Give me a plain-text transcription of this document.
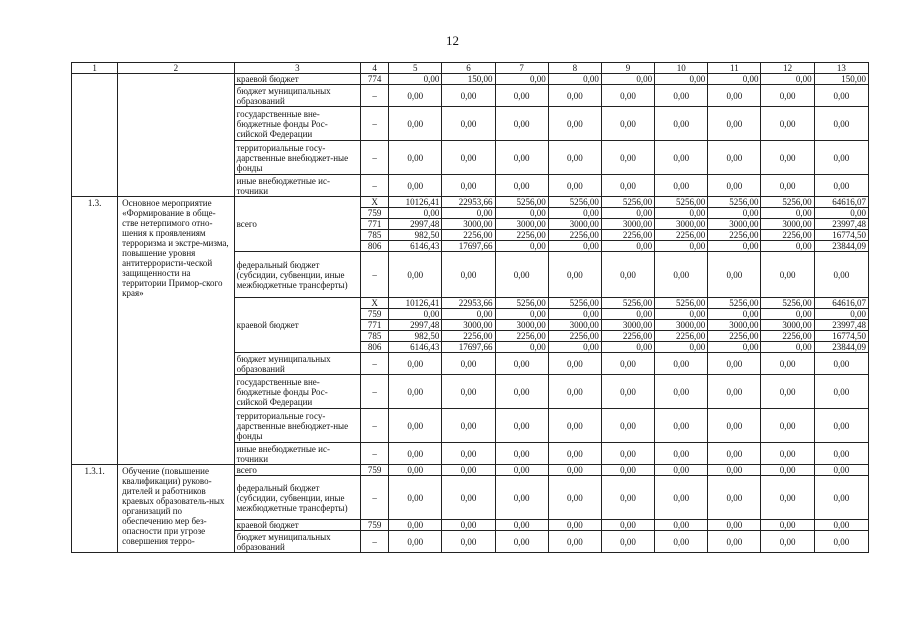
12
1	2	3	4	5	6	7	8	9	10	11	12	13
		краевой бюджет	774	0,00	150,00	0,00	0,00	0,00	0,00	0,00	0,00	150,00
		бюджет муниципальных образований	–	0,00	0,00	0,00	0,00	0,00	0,00	0,00	0,00	0,00
		государственные вне-бюджетные фонды Рос-сийской Федерации	–	0,00	0,00	0,00	0,00	0,00	0,00	0,00	0,00	0,00
		территориальные госу-дарственные внебюджет-ные фонды	–	0,00	0,00	0,00	0,00	0,00	0,00	0,00	0,00	0,00
		иные внебюджетные ис-точники	–	0,00	0,00	0,00	0,00	0,00	0,00	0,00	0,00	0,00
1.3.	Основное мероприятие «Формирование в обще-стве нетерпимого отно-шения к проявлениям терроризма и экстре-мизма, повышение уровня антитеррористи-ческой защищенности на территории Примор-ского края»	всего	X	10126,41	22953,66	5256,00	5256,00	5256,00	5256,00	5256,00	5256,00	64616,07
			759	0,00	0,00	0,00	0,00	0,00	0,00	0,00	0,00	0,00
			771	2997,48	3000,00	3000,00	3000,00	3000,00	3000,00	3000,00	3000,00	23997,48
			785	982,50	2256,00	2256,00	2256,00	2256,00	2256,00	2256,00	2256,00	16774,50
			806	6146,43	17697,66	0,00	0,00	0,00	0,00	0,00	0,00	23844,09
		федеральный бюджет (субсидии, субвенции, иные межбюджетные трансферты)	–	0,00	0,00	0,00	0,00	0,00	0,00	0,00	0,00	0,00
		краевой бюджет	X	10126,41	22953,66	5256,00	5256,00	5256,00	5256,00	5256,00	5256,00	64616,07
			759	0,00	0,00	0,00	0,00	0,00	0,00	0,00	0,00	0,00
			771	2997,48	3000,00	3000,00	3000,00	3000,00	3000,00	3000,00	3000,00	23997,48
			785	982,50	2256,00	2256,00	2256,00	2256,00	2256,00	2256,00	2256,00	16774,50
			806	6146,43	17697,66	0,00	0,00	0,00	0,00	0,00	0,00	23844,09
		бюджет муниципальных образований	–	0,00	0,00	0,00	0,00	0,00	0,00	0,00	0,00	0,00
		государственные вне-бюджетные фонды Рос-сийской Федерации	–	0,00	0,00	0,00	0,00	0,00	0,00	0,00	0,00	0,00
		территориальные госу-дарственные внебюджет-ные фонды	–	0,00	0,00	0,00	0,00	0,00	0,00	0,00	0,00	0,00
		иные внебюджетные ис-точники	–	0,00	0,00	0,00	0,00	0,00	0,00	0,00	0,00	0,00
1.3.1.	Обучение (повышение квалификации) руково-дителей и работников краевых образователь-ных организаций по обеспечению мер без-опасности при угрозе совершения терро-	всего	759	0,00	0,00	0,00	0,00	0,00	0,00	0,00	0,00	0,00
		федеральный бюджет (субсидии, субвенции, иные межбюджетные трансферты)	–	0,00	0,00	0,00	0,00	0,00	0,00	0,00	0,00	0,00
		краевой бюджет	759	0,00	0,00	0,00	0,00	0,00	0,00	0,00	0,00	0,00
		бюджет муниципальных образований	–	0,00	0,00	0,00	0,00	0,00	0,00	0,00	0,00	0,00
